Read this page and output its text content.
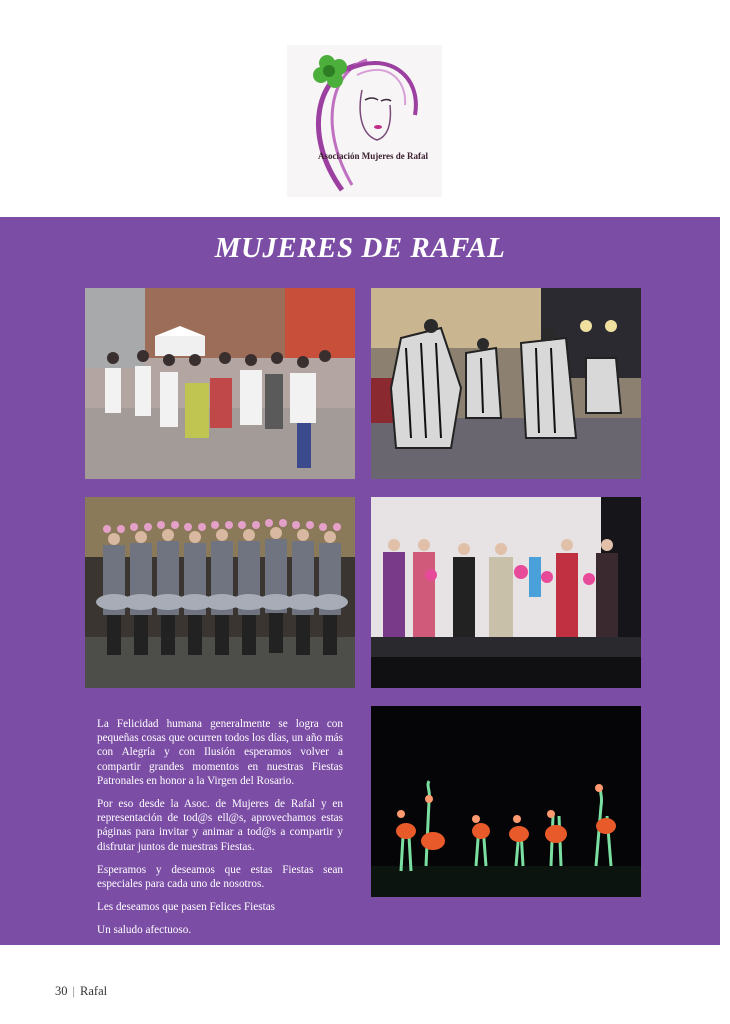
Asociación Mujeres de Rafal
MUJERES DE RAFAL

La Felicidad humana generalmente se logra con pequeñas cosas que ocurren todos los días, un año más con Alegría y con Ilusión esperamos volver a compartir grandes momentos en nuestras Fiestas Patronales en honor a la Virgen del Rosario.

Por eso desde la Asoc. de Mujeres de Rafal y en representación de tod@s ell@s, aprovechamos estas páginas para invitar y animar a tod@s a compartir y disfrutar juntos de nuestras Fiestas.

Esperamos y deseamos que estas Fiestas sean especiales para cada uno de nosotros.

Les deseamos que pasen Felices Fiestas

Un saludo afectuoso.

30 | Rafal
